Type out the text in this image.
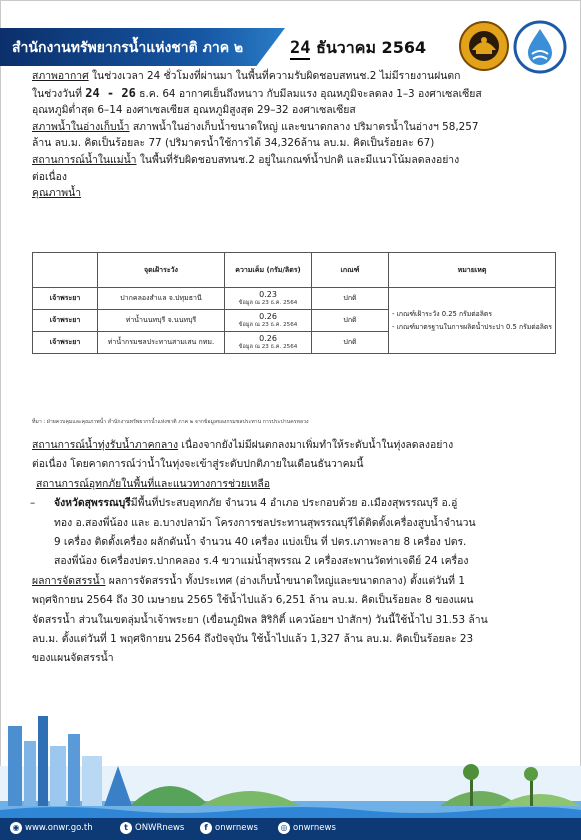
สำนักงานทรัพยากรน้ำแห่งชาติ ภาค ๒	24 ธันวาคม 2564

สภาพอากาศ ในช่วงเวลา 24 ชั่วโมงที่ผ่านมา ในพื้นที่ความรับผิดชอบสทนช.2 ไม่มีรายงานฝนตก
ในช่วงวันที่ 24 - 26 ธ.ค. 64 อากาศเย็นถึงหนาว กับมีลมแรง อุณหภูมิจะลดลง 1–3 องศาเซลเซียส
อุณหภูมิต่ำสุด 6–14 องศาเซลเซียส อุณหภูมิสูงสุด 29–32 องศาเซลเซียส

สภาพน้ำในอ่างเก็บน้ำ สภาพน้ำในอ่างเก็บน้ำขนาดใหญ่ และขนาดกลาง ปริมาตรน้ำในอ่างฯ 58,257
ล้าน ลบ.ม. คิดเป็นร้อยละ 77 (ปริมาตรน้ำใช้การได้ 34,326ล้าน ลบ.ม. คิดเป็นร้อยละ 67)

สถานการณ์น้ำในแม่น้ำ ในพื้นที่รับผิดชอบสทนช.2 อยู่ในเกณฑ์น้ำปกติ และมีแนวโน้มลดลงอย่าง
ต่อเนื่อง

คุณภาพน้ำ

	จุดเฝ้าระวัง	ความเค็ม (กรัม/ลิตร)	เกณฑ์	หมายเหตุ
เจ้าพระยา	ปากคลองสำแล จ.ปทุมธานี	0.23
ข้อมูล ณ 23 ธ.ค. 2564	ปกติ	- เกณฑ์เฝ้าระวัง 0.25 กรัมต่อลิตร
- เกณฑ์มาตรฐานในการผลิตน้ำประปา 0.5 กรัมต่อลิตร
เจ้าพระยา	ท่าน้ำนนทบุรี จ.นนทบุรี	0.26
ข้อมูล ณ 23 ธ.ค. 2564	ปกติ	
เจ้าพระยา	ท่าน้ำกรมชลประทานสามเสน กทม.	0.26
ข้อมูล ณ 23 ธ.ค. 2564	ปกติ	
ที่มา : ฝ่ายควบคุมและคุณภาพน้ำ สำนักงานทรัพยากรน้ำแห่งชาติ ภาค ๒ จากข้อมูลของกรมชลประทาน การประปานครหลวง

สถานการณ์น้ำทุ่งรับน้ำภาคกลาง เนื่องจากยังไม่มีฝนตกลงมาเพิ่มทำให้ระดับน้ำในทุ่งลดลงอย่าง
ต่อเนื่อง โดยคาดการณ์ว่าน้ำในทุ่งจะเข้าสู่ระดับปกติภายในเดือนธันวาคมนี้

สถานการณ์อุทกภัยในพื้นที่และแนวทางการช่วยเหลือ

– จังหวัดสุพรรณบุรีมีพื้นที่ประสบอุทกภัย จำนวน 4 อำเภอ ประกอบด้วย อ.เมืองสุพรรณบุรี อ.อู่
ทอง อ.สองพี่น้อง และ อ.บางปลาม้า โครงการชลประทานสุพรรณบุรีได้ติดตั้งเครื่องสูบน้ำจำนวน
9 เครื่อง ติดตั้งเครื่อง ผลักดันน้ำ จำนวน 40 เครื่อง แบ่งเป็น ที่ ปตร.เภาพะลาย 8 เครื่อง ปตร.
สองพี่น้อง 6เครื่องปตร.ปากคลอง ร.4 ขวาแม่น้ำสุพรรณ 2 เครื่องสะพานวัดท่าเจดีย์ 24 เครื่อง

ผลการจัดสรรน้ำ ผลการจัดสรรน้ำ ทั้งประเทศ (อ่างเก็บน้ำขนาดใหญ่และขนาดกลาง) ตั้งแต่วันที่ 1
พฤศจิกายน 2564 ถึง 30 เมษายน 2565 ใช้น้ำไปแล้ว 6,251 ล้าน ลบ.ม. คิดเป็นร้อยละ 8 ของแผน
จัดสรรน้ำ ส่วนในเขตลุ่มน้ำเจ้าพระยา (เขื่อนภูมิพล สิริกิติ์ แควน้อยฯ ป่าสักฯ) วันนี้ใช้น้ำไป 31.53 ล้าน
ลบ.ม. ตั้งแต่วันที่ 1 พฤศจิกายน 2564 ถึงปัจจุบัน ใช้น้ำไปแล้ว 1,327 ล้าน ลบ.ม. คิดเป็นร้อยละ 23
ของแผนจัดสรรน้ำ

◉ www.onwr.go.th	t ONWRnews	f onwrnews	◎ onwrnews
